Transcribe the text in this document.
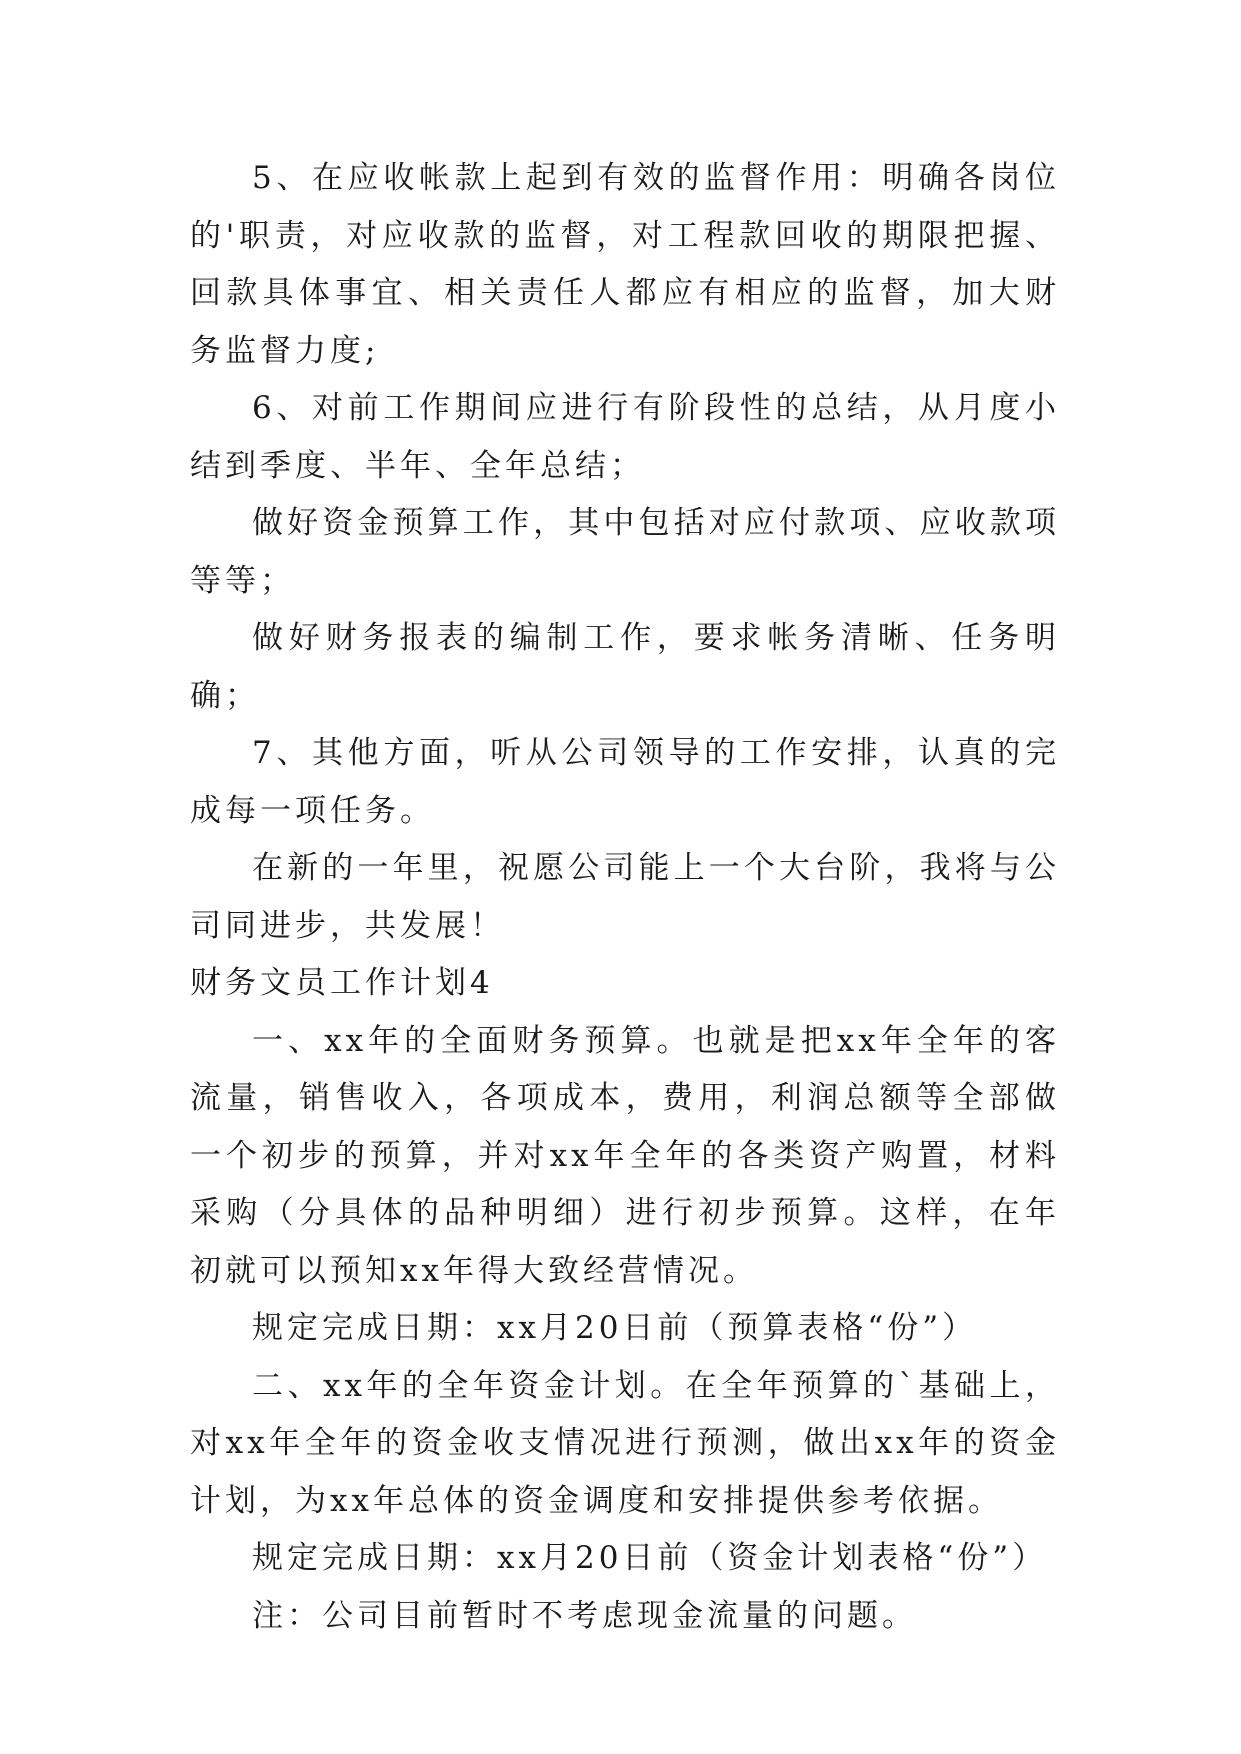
5、在应收帐款上起到有效的监督作用：明确各岗位的'职责，对应收款的监督，对工程款回收的期限把握、回款具体事宜、相关责任人都应有相应的监督，加大财务监督力度;

6、对前工作期间应进行有阶段性的总结，从月度小结到季度、半年、全年总结；

做好资金预算工作，其中包括对应付款项、应收款项等等；

做好财务报表的编制工作，要求帐务清晰、任务明确；

7、其他方面，听从公司领导的工作安排，认真的完成每一项任务。

在新的一年里，祝愿公司能上一个大台阶，我将与公司同进步，共发展！

财务文员工作计划4

一、xx年的全面财务预算。也就是把xx年全年的客流量，销售收入，各项成本，费用，利润总额等全部做一个初步的预算，并对xx年全年的各类资产购置，材料采购（分具体的品种明细）进行初步预算。这样，在年初就可以预知xx年得大致经营情况。

规定完成日期：xx月20日前（预算表格“份”）

二、xx年的全年资金计划。在全年预算的`基础上，对xx年全年的资金收支情况进行预测，做出xx年的资金计划，为xx年总体的资金调度和安排提供参考依据。

规定完成日期：xx月20日前（资金计划表格“份”）

注：公司目前暂时不考虑现金流量的问题。
